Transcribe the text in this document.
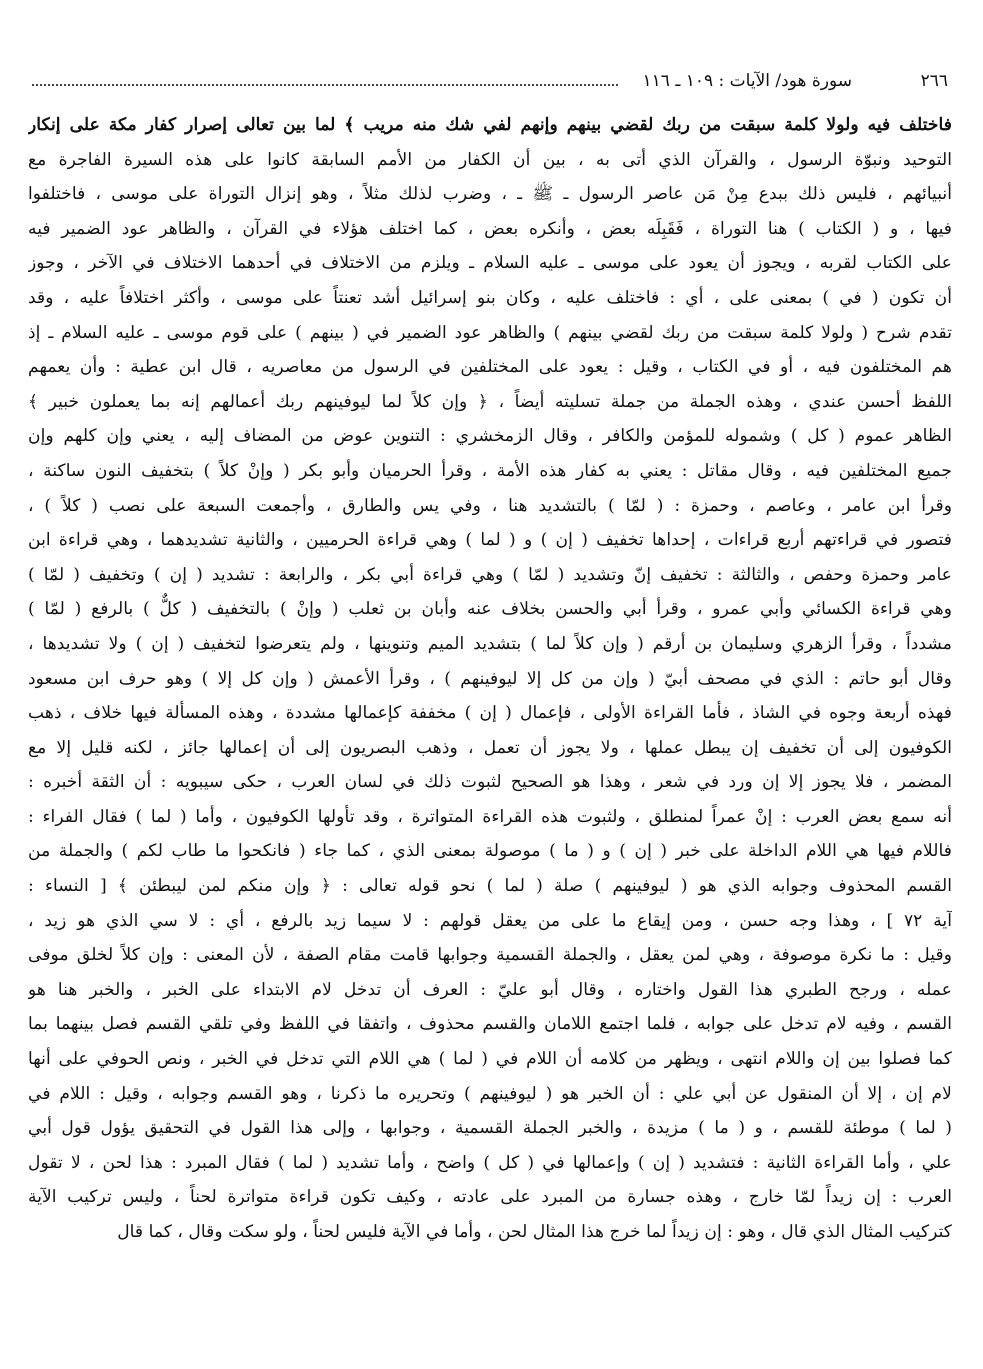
٢٦٦
سورة هود/ الآيات : ١٠٩ ـ ١١٦
فاختلف فيه ولولا كلمة سبقت من ربك لقضي بينهم وإنهم لفي شك منه مريب ﴾ لما بين تعالى إصرار كفار مكة على إنكار
التوحيد ونبوّة الرسول ، والقرآن الذي أتى به ، بين أن الكفار من الأمم السابقة كانوا على هذه السيرة الفاجرة مع
أنبيائهم ، فليس ذلك ببدع مِنْ مَن عاصر الرسول ـ ﷺ ـ ، وضرب لذلك مثلاً ، وهو إنزال التوراة على موسى ، فاختلفوا
فيها ، و ( الكتاب ) هنا التوراة ، فَقَبِلَه بعض ، وأنكره بعض ، كما اختلف هؤلاء في القرآن ، والظاهر عود الضمير فيه
على الكتاب لقربه ، ويجوز أن يعود على موسى ـ عليه السلام ـ ويلزم من الاختلاف في أحدهما الاختلاف في الآخر ، وجوز
أن تكون ( في ) بمعنى على ، أي : فاختلف عليه ، وكان بنو إسرائيل أشد تعنتاً على موسى ، وأكثر اختلافاً عليه ، وقد
تقدم شرح ( ولولا كلمة سبقت من ربك لقضي بينهم ) والظاهر عود الضمير في ( بينهم ) على قوم موسى ـ عليه السلام ـ إذ
هم المختلفون فيه ، أو في الكتاب ، وقيل : يعود على المختلفين في الرسول من معاصريه ، قال ابن عطية : وأن يعمهم
اللفظ أحسن عندي ، وهذه الجملة من جملة تسليته أيضاً ، ﴿ وإن كلاً لما ليوفينهم ربك أعمالهم إنه بما يعملون خبير ﴾
الظاهر عموم ( كل ) وشموله للمؤمن والكافر ، وقال الزمخشري : التنوين عوض من المضاف إليه ، يعني وإن كلهم وإن
جميع المختلفين فيه ، وقال مقاتل : يعني به كفار هذه الأمة ، وقرأ الحرميان وأبو بكر ( وإنْ كلاً ) بتخفيف النون ساكنة ،
وقرأ ابن عامر ، وعاصم ، وحمزة : ( لمّا ) بالتشديد هنا ، وفي يس والطارق ، وأجمعت السبعة على نصب ( كلاً ) ،
فتصور في قراءتهم أربع قراءات ، إحداها تخفيف ( إن ) و ( لما ) وهي قراءة الحرميين ، والثانية تشديدهما ، وهي قراءة ابن
عامر وحمزة وحفص ، والثالثة : تخفيف إنّ وتشديد ( لمّا ) وهي قراءة أبي بكر ، والرابعة : تشديد ( إن ) وتخفيف ( لمّا )
وهي قراءة الكسائي وأبي عمرو ، وقرأ أبي والحسن بخلاف عنه وأبان بن ثعلب ( وإنْ ) بالتخفيف ( كلٌّ ) بالرفع ( لمّا )
مشدداً ، وقرأ الزهري وسليمان بن أرقم ( وإن كلاً لما ) بتشديد الميم وتنوينها ، ولم يتعرضوا لتخفيف ( إن ) ولا تشديدها ،
وقال أبو حاتم : الذي في مصحف أبيّ ( وإن من كل إلا ليوفينهم ) ، وقرأ الأعمش ( وإن كل إلا ) وهو حرف ابن مسعود
فهذه أربعة وجوه في الشاذ ، فأما القراءة الأولى ، فإعمال ( إن ) مخففة كإعمالها مشددة ، وهذه المسألة فيها خلاف ، ذهب
الكوفيون إلى أن تخفيف إن يبطل عملها ، ولا يجوز أن تعمل ، وذهب البصريون إلى أن إعمالها جائز ، لكنه قليل إلا مع
المضمر ، فلا يجوز إلا إن ورد في شعر ، وهذا هو الصحيح لثبوت ذلك في لسان العرب ، حكى سيبويه : أن الثقة أخبره :
أنه سمع بعض العرب : إنْ عمراً لمنطلق ، ولثبوت هذه القراءة المتواترة ، وقد تأولها الكوفيون ، وأما ( لما ) فقال الفراء :
فاللام فيها هي اللام الداخلة على خبر ( إن ) و ( ما ) موصولة بمعنى الذي ، كما جاء ( فانكحوا ما طاب لكم ) والجملة من
القسم المحذوف وجوابه الذي هو ( ليوفينهم ) صلة ( لما ) نحو قوله تعالى : ﴿ وإن منكم لمن ليبطئن ﴾ [ النساء :
آية ٧٢ ] ، وهذا وجه حسن ، ومن إيقاع ما على من يعقل قولهم : لا سيما زيد بالرفع ، أي : لا سي الذي هو زيد ،
وقيل : ما نكرة موصوفة ، وهي لمن يعقل ، والجملة القسمية وجوابها قامت مقام الصفة ، لأن المعنى : وإن كلاً لخلق موفى
عمله ، ورجح الطبري هذا القول واختاره ، وقال أبو عليّ : العرف أن تدخل لام الابتداء على الخبر ، والخبر هنا هو
القسم ، وفيه لام تدخل على جوابه ، فلما اجتمع اللامان والقسم محذوف ، واتفقا في اللفظ وفي تلقي القسم فصل بينهما بما
كما فصلوا بين إن واللام انتهى ، ويظهر من كلامه أن اللام في ( لما ) هي اللام التي تدخل في الخبر ، ونص الحوفي على أنها
لام إن ، إلا أن المنقول عن أبي علي : أن الخبر هو ( ليوفينهم ) وتحريره ما ذكرنا ، وهو القسم وجوابه ، وقيل : اللام في
( لما ) موطئة للقسم ، و ( ما ) مزيدة ، والخبر الجملة القسمية ، وجوابها ، وإلى هذا القول في التحقيق يؤول قول أبي
علي ، وأما القراءة الثانية : فتشديد ( إن ) وإعمالها في ( كل ) واضح ، وأما تشديد ( لما ) فقال المبرد : هذا لحن ، لا تقول
العرب : إن زيداً لمّا خارج ، وهذه جسارة من المبرد على عادته ، وكيف تكون قراءة متواترة لحناً ، وليس تركيب الآية
كتركيب المثال الذي قال ، وهو : إن زيداً لما خرج هذا المثال لحن ، وأما في الآية فليس لحناً ، ولو سكت وقال ، كما قال
